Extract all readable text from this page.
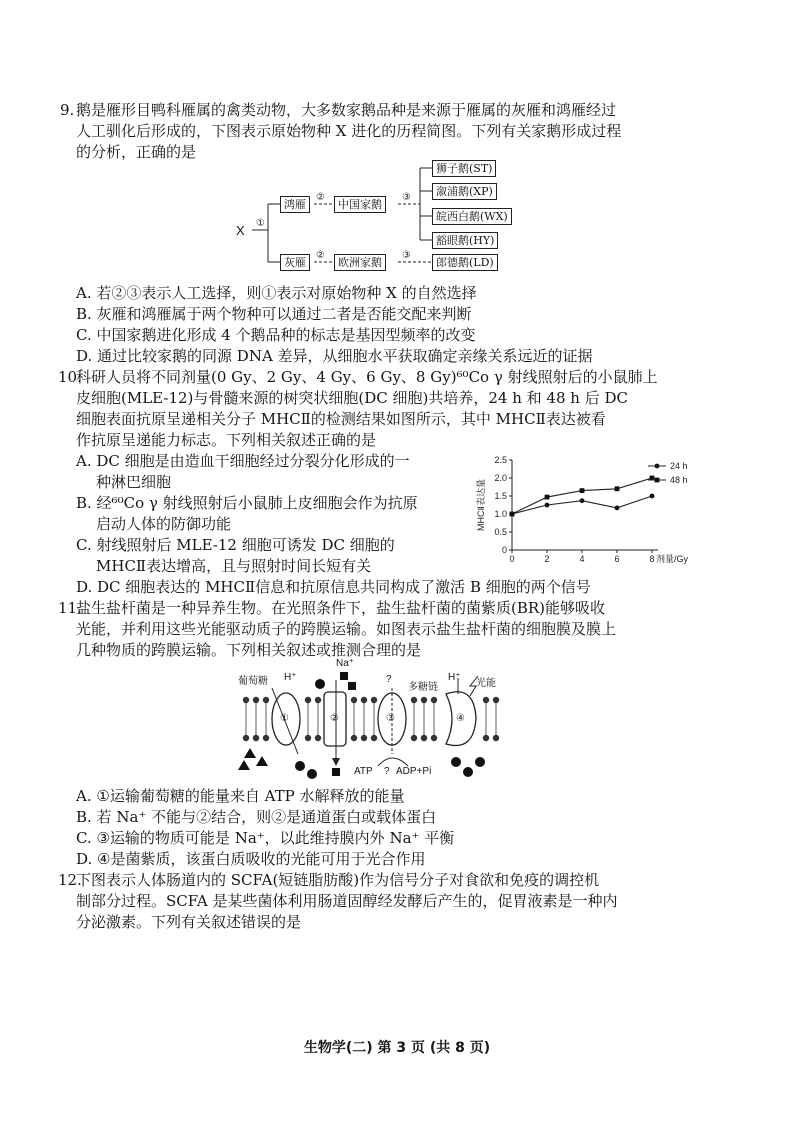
9. 鹅是雁形目鸭科雁属的禽类动物，大多数家鹅品种是来源于雁属的灰雁和鸿雁经过
人工驯化后形成的，下图表示原始物种 X 进化的历程简图。下列有关家鹅形成过程
的分析，正确的是
X ①
②
②
③
③
鸿雁
灰雁
中国家鹅
欧洲家鹅
狮子鹅(ST)
溆浦鹅(XP)
皖西白鹅(WX)
豁眼鹅(HY)
郎德鹅(LD)
A. 若②③表示人工选择，则①表示对原始物种 X 的自然选择
B. 灰雁和鸿雁属于两个物种可以通过二者是否能交配来判断
C. 中国家鹅进化形成 4 个鹅品种的标志是基因型频率的改变
D. 通过比较家鹅的同源 DNA 差异，从细胞水平获取确定亲缘关系远近的证据
10.
科研人员将不同剂量(0 Gy、2 Gy、4 Gy、6 Gy、8 Gy)⁶⁰Co γ 射线照射后的小鼠肺上
皮细胞(MLE-12)与骨髓来源的树突状细胞(DC 细胞)共培养，24 h 和 48 h 后 DC
细胞表面抗原呈递相关分子 MHCⅡ的检测结果如图所示，其中 MHCⅡ表达被看
作抗原呈递能力标志。下列相关叙述正确的是
A. DC 细胞是由造血干细胞经过分裂分化形成的一
种淋巴细胞
B. 经⁶⁰Co γ 射线照射后小鼠肺上皮细胞会作为抗原
启动人体的防御功能
C. 射线照射后 MLE-12 细胞可诱发 DC 细胞的
MHCⅡ表达增高，且与照射时间长短有关
0
0.5
1.0
1.5
2.0
2.5
0	2	4	6	8 剂量/Gy
MHCⅡ表达量
24 h
48 h
D. DC 细胞表达的 MHCⅡ信息和抗原信息共同构成了激活 B 细胞的两个信号
11.
盐生盐杆菌是一种异养生物。在光照条件下，盐生盐杆菌的菌紫质(BR)能够吸收
光能，并利用这些光能驱动质子的跨膜运输。如图表示盐生盐杆菌的细胞膜及膜上
几种物质的跨膜运输。下列相关叙述或推测合理的是
葡萄糖 H⁺
Na⁺
?
多糖链
H⁺
光能
①	②	③	④
ATP ? ADP+Pi
A. ①运输葡萄糖的能量来自 ATP 水解释放的能量
B. 若 Na⁺ 不能与②结合，则②是通道蛋白或载体蛋白
C. ③运输的物质可能是 Na⁺，以此维持膜内外 Na⁺ 平衡
D. ④是菌紫质，该蛋白质吸收的光能可用于光合作用
12.
下图表示人体肠道内的 SCFA(短链脂肪酸)作为信号分子对食欲和免疫的调控机
制部分过程。SCFA 是某些菌体利用肠道固醇经发酵后产生的，促胃液素是一种内
分泌激素。下列有关叙述错误的是
生物学(二) 第 3 页 (共 8 页)
